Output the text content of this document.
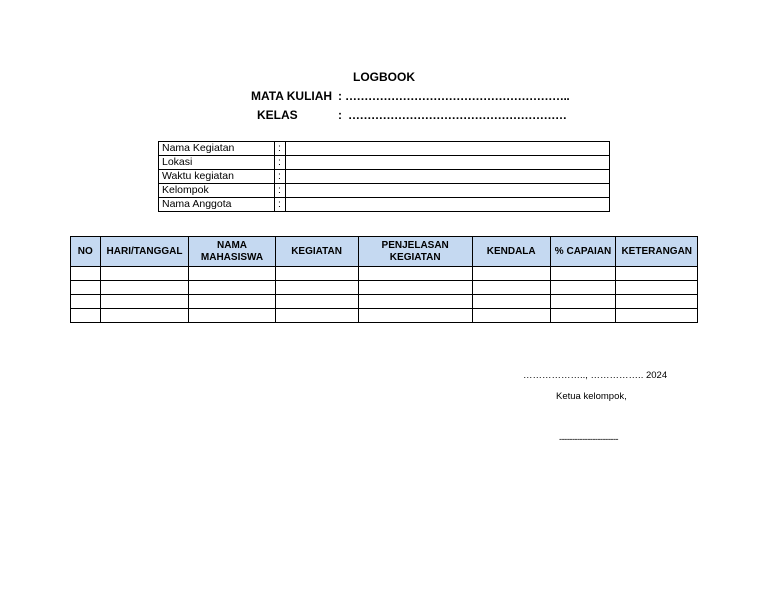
LOGBOOK
MATA KULIAH : …………………………………………………..
KELAS	: …………………………………………………
Nama Kegiatan	:	
Lokasi	:	
Waktu kegiatan	:	
Kelompok	:	
Nama Anggota	:	
NO	HARI/TANGGAL	NAMA MAHASISWA	KEGIATAN	PENJELASAN KEGIATAN	KENDALA	% CAPAIAN	KETERANGAN

……………….., …………….. 2024
Ketua kelompok,
-----------------------
